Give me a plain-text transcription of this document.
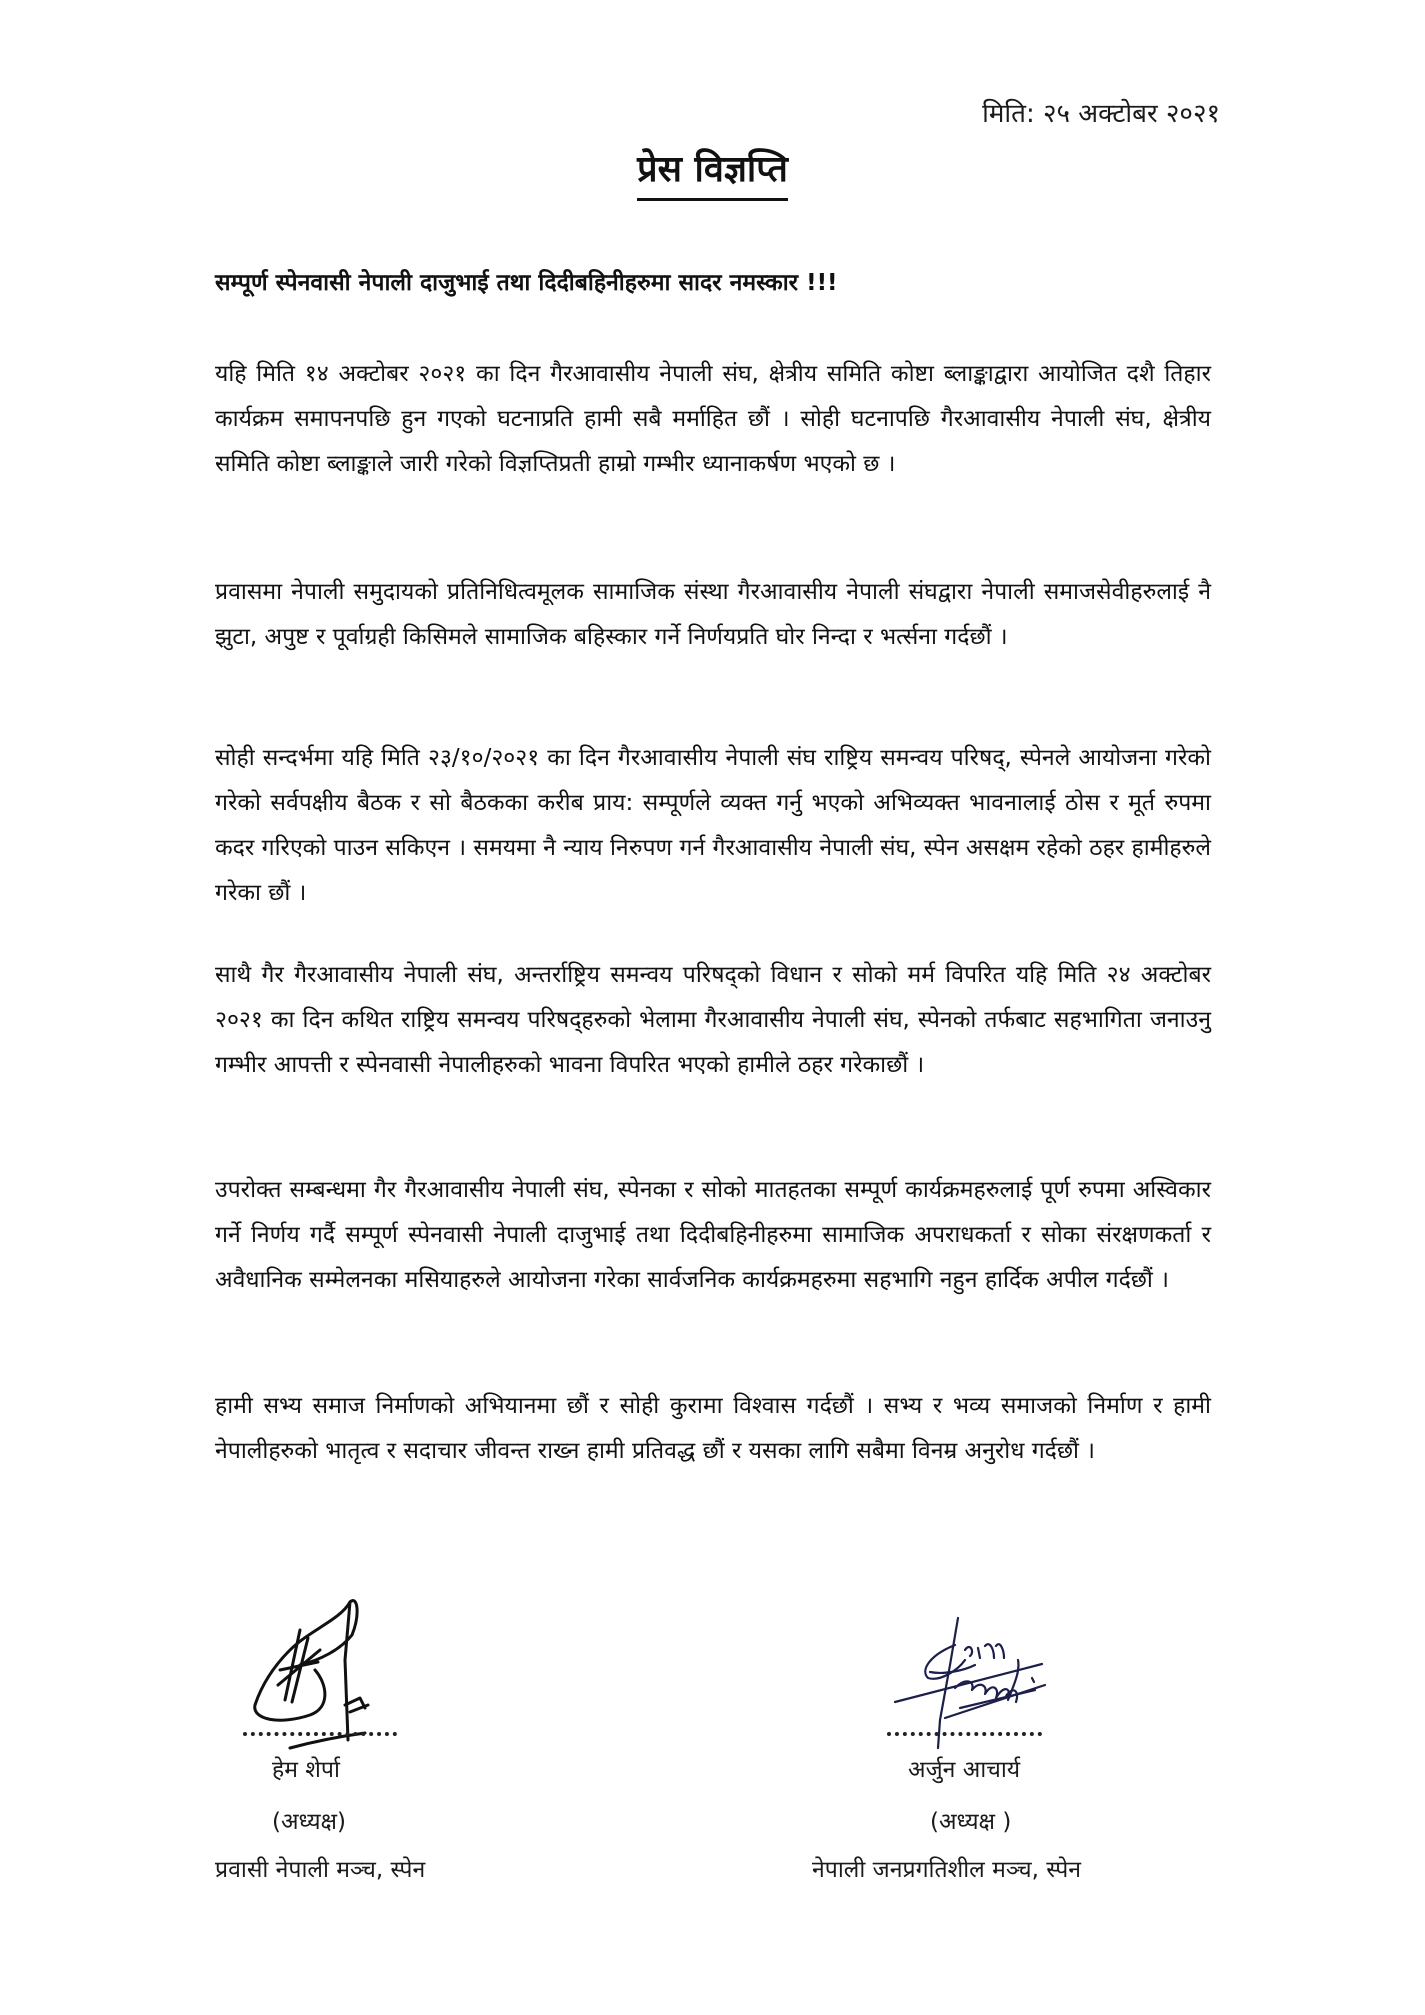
मिति: २५ अक्टोबर २०२१
प्रेस विज्ञप्ति
सम्पूर्ण स्पेनवासी नेपाली दाजुभाई तथा दिदीबहिनीहरुमा सादर नमस्कार !!!

यहि मिति १४ अक्टोबर २०२१ का दिन गैरआवासीय नेपाली संघ, क्षेत्रीय समिति कोष्टा ब्लाङ्काद्वारा आयोजित दशै तिहार कार्यक्रम समापनपछि हुन गएको घटनाप्रति हामी सबै मर्माहित छौं । सोही घटनापछि गैरआवासीय नेपाली संघ, क्षेत्रीय समिति कोष्टा ब्लाङ्काले जारी गरेको विज्ञप्तिप्रती हाम्रो गम्भीर ध्यानाकर्षण भएको छ ।

प्रवासमा नेपाली समुदायको प्रतिनिधित्वमूलक सामाजिक संस्था गैरआवासीय नेपाली संघद्वारा नेपाली समाजसेवीहरुलाई नै झुटा, अपुष्ट र पूर्वाग्रही किसिमले सामाजिक बहिस्कार गर्ने निर्णयप्रति घोर निन्दा र भर्त्सना गर्दछौं ।

सोही सन्दर्भमा यहि मिति २३/१०/२०२१ का दिन गैरआवासीय नेपाली संघ राष्ट्रिय समन्वय परिषद्, स्पेनले आयोजना गरेको गरेको सर्वपक्षीय बैठक र सो बैठकका करीब प्राय: सम्पूर्णले व्यक्त गर्नु भएको अभिव्यक्त भावनालाई ठोस र मूर्त रुपमा कदर गरिएको पाउन सकिएन । समयमा नै न्याय निरुपण गर्न गैरआवासीय नेपाली संघ, स्पेन असक्षम रहेको ठहर हामीहरुले गरेका छौं ।

साथै गैर गैरआवासीय नेपाली संघ, अन्तर्राष्ट्रिय समन्वय परिषद्को विधान र सोको मर्म विपरित यहि मिति २४ अक्टोबर २०२१ का दिन कथित राष्ट्रिय समन्वय परिषद्हरुको भेलामा गैरआवासीय नेपाली संघ, स्पेनको तर्फबाट सहभागिता जनाउनु गम्भीर आपत्ती र स्पेनवासी नेपालीहरुको भावना विपरित भएको हामीले ठहर गरेकाछौं ।

उपरोक्त सम्बन्धमा गैर गैरआवासीय नेपाली संघ, स्पेनका र सोको मातहतका सम्पूर्ण कार्यक्रमहरुलाई पूर्ण रुपमा अस्विकार गर्ने निर्णय गर्दै सम्पूर्ण स्पेनवासी नेपाली दाजुभाई तथा दिदीबहिनीहरुमा सामाजिक अपराधकर्ता र सोका संरक्षणकर्ता र अवैधानिक सम्मेलनका मसियाहरुले आयोजना गरेका सार्वजनिक कार्यक्रमहरुमा सहभागि नहुन हार्दिक अपील गर्दछौं ।

हामी सभ्य समाज निर्माणको अभियानमा छौं र सोही कुरामा विश्वास गर्दछौं । सभ्य र भव्य समाजको निर्माण र हामी नेपालीहरुको भातृत्व र सदाचार जीवन्त राख्न हामी प्रतिवद्ध छौं र यसका लागि सबैमा विनम्र अनुरोध गर्दछौं ।

हेम शेर्पा
(अध्यक्ष)
प्रवासी नेपाली मञ्च, स्पेन
अर्जुन आचार्य
(अध्यक्ष )
नेपाली जनप्रगतिशील मञ्च, स्पेन
